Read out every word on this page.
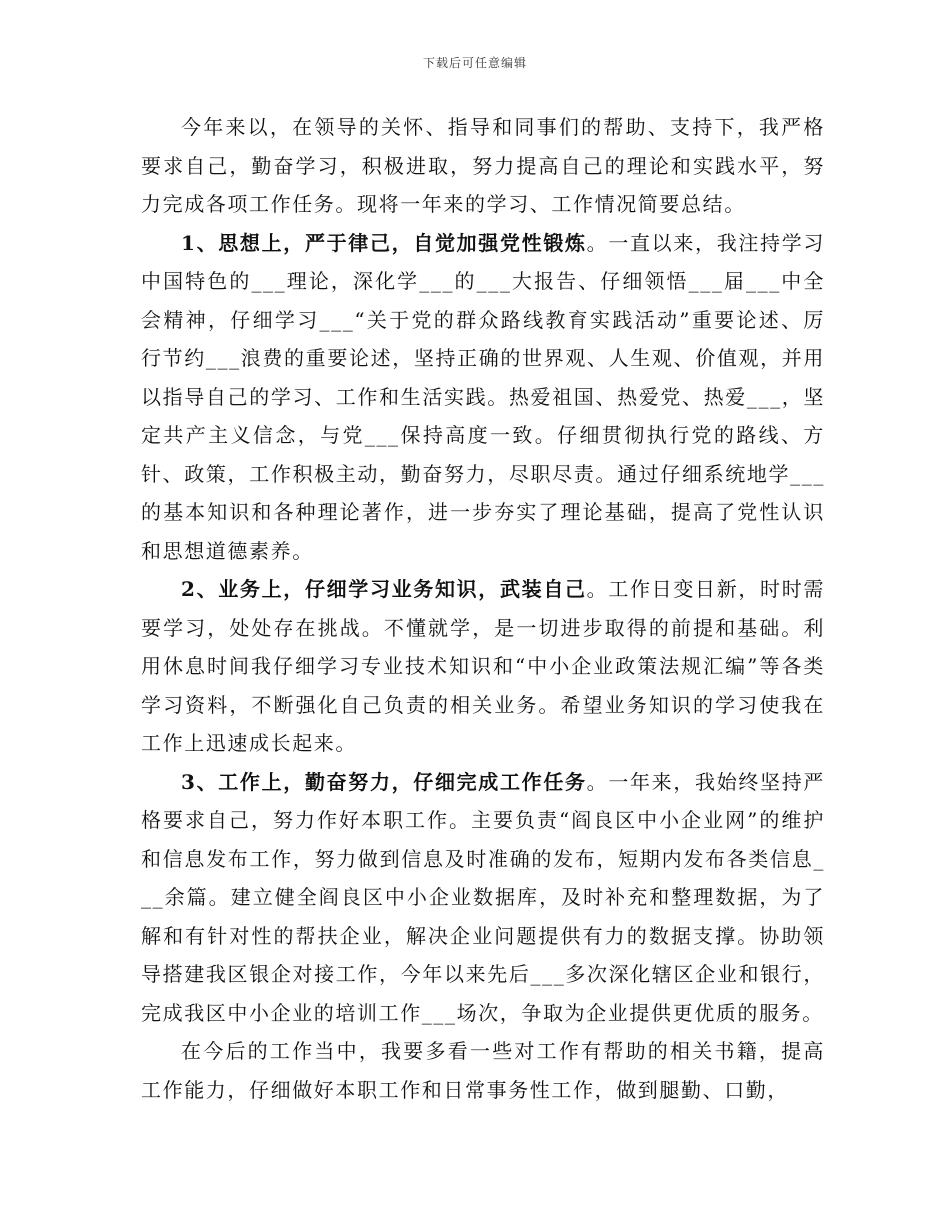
下载后可任意编辑

今年来以，在领导的关怀、指导和同事们的帮助、支持下，我严格要求自己，勤奋学习，积极进取，努力提高自己的理论和实践水平，努力完成各项工作任务。现将一年来的学习、工作情况简要总结。

1、思想上，严于律己，自觉加强党性锻炼。一直以来，我注持学习中国特色的___理论，深化学___的___大报告、仔细领悟___届___中全会精神，仔细学习___“关于党的群众路线教育实践活动”重要论述、厉行节约___浪费的重要论述，坚持正确的世界观、人生观、价值观，并用以指导自己的学习、工作和生活实践。热爱祖国、热爱党、热爱___，坚定共产主义信念，与党___保持高度一致。仔细贯彻执行党的路线、方针、政策，工作积极主动，勤奋努力，尽职尽责。通过仔细系统地学___的基本知识和各种理论著作，进一步夯实了理论基础，提高了党性认识和思想道德素养。

2、业务上，仔细学习业务知识，武装自己。工作日变日新，时时需要学习，处处存在挑战。不懂就学，是一切进步取得的前提和基础。利用休息时间我仔细学习专业技术知识和“中小企业政策法规汇编”等各类学习资料，不断强化自己负责的相关业务。希望业务知识的学习使我在工作上迅速成长起来。

3、工作上，勤奋努力，仔细完成工作任务。一年来，我始终坚持严格要求自己，努力作好本职工作。主要负责“阎良区中小企业网”的维护和信息发布工作，努力做到信息及时准确的发布，短期内发布各类信息___余篇。建立健全阎良区中小企业数据库，及时补充和整理数据，为了解和有针对性的帮扶企业，解决企业问题提供有力的数据支撑。协助领导搭建我区银企对接工作，今年以来先后___多次深化辖区企业和银行，完成我区中小企业的培训工作___场次，争取为企业提供更优质的服务。

在今后的工作当中，我要多看一些对工作有帮助的相关书籍，提高工作能力，仔细做好本职工作和日常事务性工作，做到腿勤、口勤，
